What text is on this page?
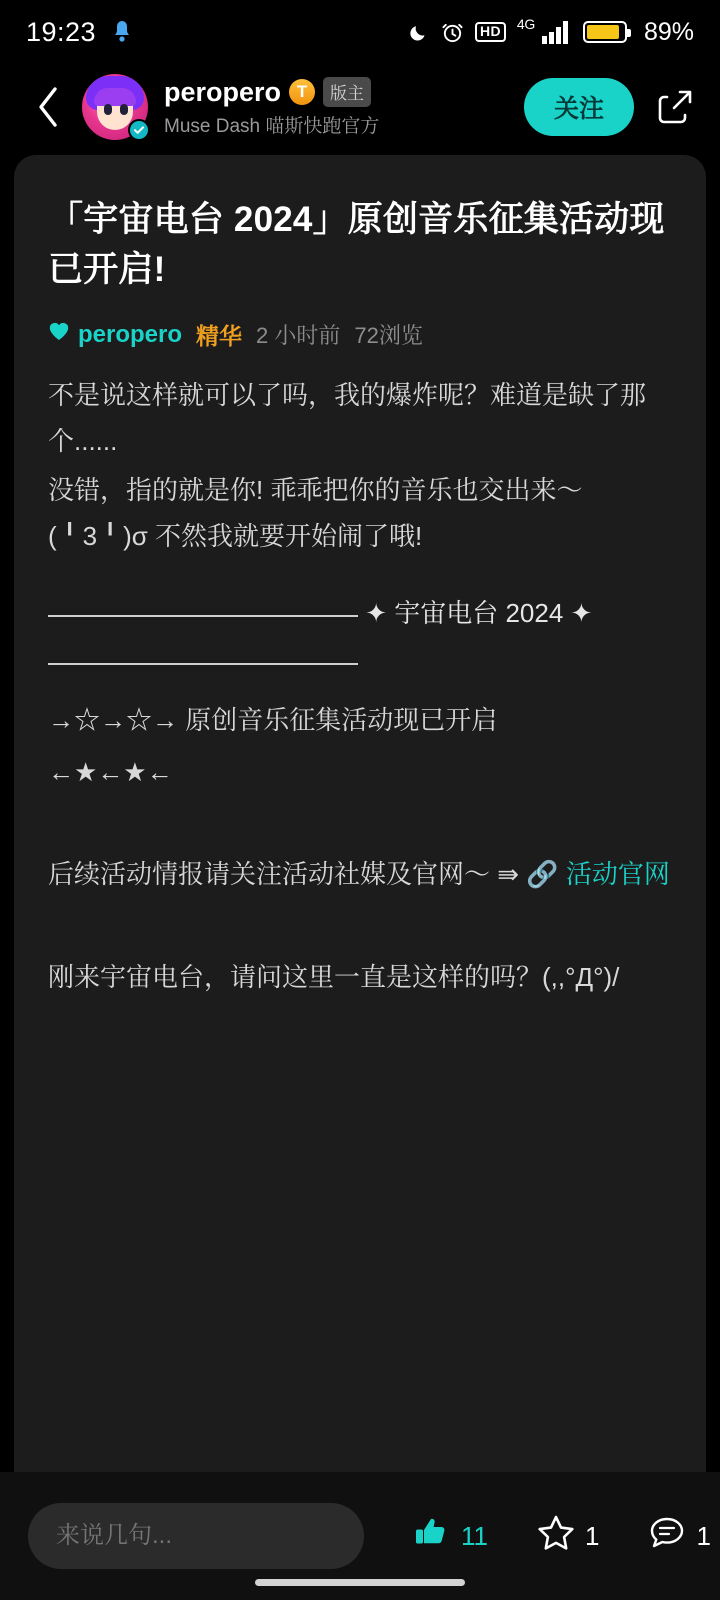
19:23	HD	4G	89%
peropero T	版主
Muse Dash 喵斯快跑官方
关注
「宇宙电台 2024」原创音乐征集活动现已开启!
peropero 精华 2 小时前 72浏览
不是说这样就可以了吗，我的爆炸呢？难道是缺了那个......
没错，指的就是你! 乖乖把你的音乐也交出来～(╹3╹)σ 不然我就要开始闹了哦!
✦ 宇宙电台 2024 ✦
→☆→☆→ 原创音乐征集活动现已开启
←★←★←
后续活动情报请关注活动社媒及官网～ ⇛ 🔗 活动官网
刚来宇宙电台，请问这里一直是这样的吗？(,,°Д°)/
来说几句...
11	1	1
